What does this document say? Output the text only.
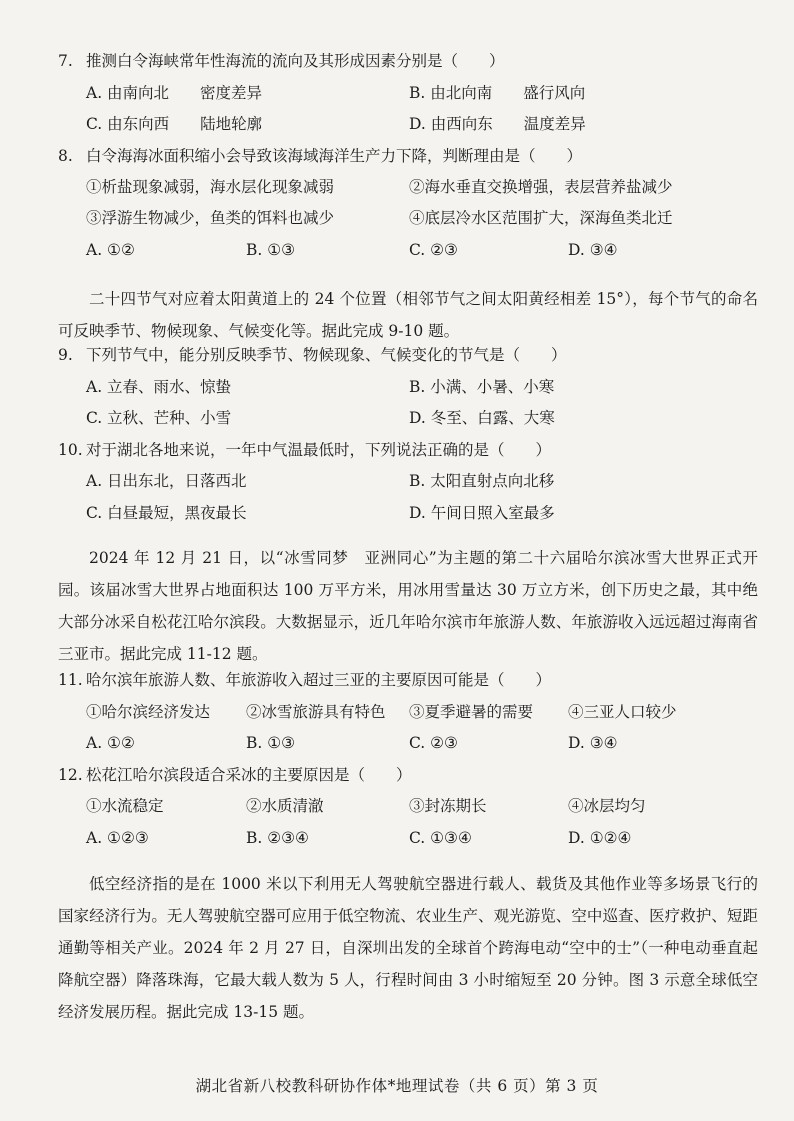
7. 推测白令海峡常年性海流的流向及其形成因素分别是（　　）
A. 由南向北　　密度差异	B. 由北向南　　盛行风向
C. 由东向西　　陆地轮廓	D. 由西向东　　温度差异
8. 白令海海冰面积缩小会导致该海域海洋生产力下降，判断理由是（　　）
①析盐现象减弱，海水层化现象减弱	②海水垂直交换增强，表层营养盐减少
③浮游生物减少，鱼类的饵料也减少	④底层冷水区范围扩大，深海鱼类北迁
A. ①②	B. ①③	C. ②③	D. ③④
二十四节气对应着太阳黄道上的 24 个位置（相邻节气之间太阳黄经相差 15°），每个节气的命名可反映季节、物候现象、气候变化等。据此完成 9-10 题。
9. 下列节气中，能分别反映季节、物候现象、气候变化的节气是（　　）
A. 立春、雨水、惊蛰	B. 小满、小暑、小寒
C. 立秋、芒种、小雪	D. 冬至、白露、大寒
10. 对于湖北各地来说，一年中气温最低时，下列说法正确的是（　　）
A. 日出东北，日落西北	B. 太阳直射点向北移
C. 白昼最短，黑夜最长	D. 午间日照入室最多
2024 年 12 月 21 日，以“冰雪同梦　亚洲同心”为主题的第二十六届哈尔滨冰雪大世界正式开园。该届冰雪大世界占地面积达 100 万平方米，用冰用雪量达 30 万立方米，创下历史之最，其中绝大部分冰采自松花江哈尔滨段。大数据显示，近几年哈尔滨市年旅游人数、年旅游收入远远超过海南省三亚市。据此完成 11-12 题。
11. 哈尔滨年旅游人数、年旅游收入超过三亚的主要原因可能是（　　）
①哈尔滨经济发达 ②冰雪旅游具有特色 ③夏季避暑的需要 ④三亚人口较少
A. ①②	B. ①③	C. ②③	D. ③④
12. 松花江哈尔滨段适合采冰的主要原因是（　　）
①水流稳定	②水质清澈	③封冻期长	④冰层均匀
A. ①②③	B. ②③④	C. ①③④	D. ①②④
低空经济指的是在 1000 米以下利用无人驾驶航空器进行载人、载货及其他作业等多场景飞行的国家经济行为。无人驾驶航空器可应用于低空物流、农业生产、观光游览、空中巡查、医疗救护、短距通勤等相关产业。2024 年 2 月 27 日，自深圳出发的全球首个跨海电动“空中的士”（一种电动垂直起降航空器）降落珠海，它最大载人数为 5 人，行程时间由 3 小时缩短至 20 分钟。图 3 示意全球低空经济发展历程。据此完成 13-15 题。
湖北省新八校教科研协作体*地理试卷（共 6 页）第 3 页
